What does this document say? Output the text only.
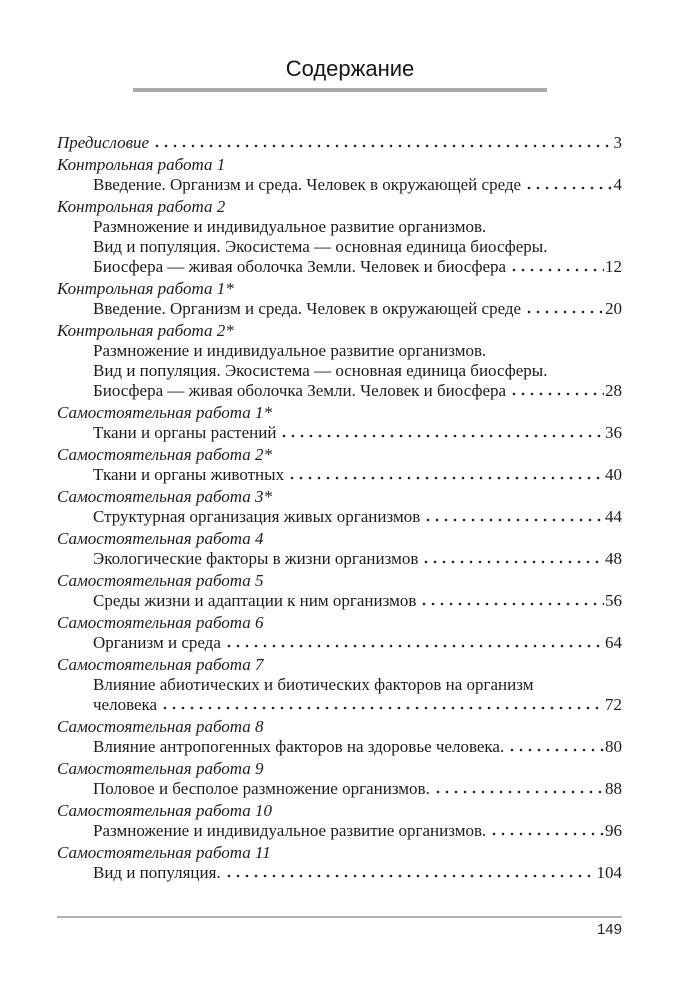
Содержание
Предисловие	3
Контрольная работа 1
Введение. Организм и среда. Человек в окружающей среде	4
Контрольная работа 2
Размножение и индивидуальное развитие организмов.
Вид и популяция. Экосистема — основная единица биосферы.
Биосфера — живая оболочка Земли. Человек и биосфера	12
Контрольная работа 1*
Введение. Организм и среда. Человек в окружающей среде	20
Контрольная работа 2*
Размножение и индивидуальное развитие организмов.
Вид и популяция. Экосистема — основная единица биосферы.
Биосфера — живая оболочка Земли. Человек и биосфера	28
Самостоятельная работа 1*
Ткани и органы растений	36
Самостоятельная работа 2*
Ткани и органы животных	40
Самостоятельная работа 3*
Структурная организация живых организмов	44
Самостоятельная работа 4
Экологические факторы в жизни организмов	48
Самостоятельная работа 5
Среды жизни и адаптации к ним организмов	56
Самостоятельная работа 6
Организм и среда	64
Самостоятельная работа 7
Влияние абиотических и биотических факторов на организм
человека	72
Самостоятельная работа 8
Влияние антропогенных факторов на здоровье человека.	80
Самостоятельная работа 9
Половое и бесполое размножение организмов.	88
Самостоятельная работа 10
Размножение и индивидуальное развитие организмов.	96
Самостоятельная работа 11
Вид и популяция.	104
149
